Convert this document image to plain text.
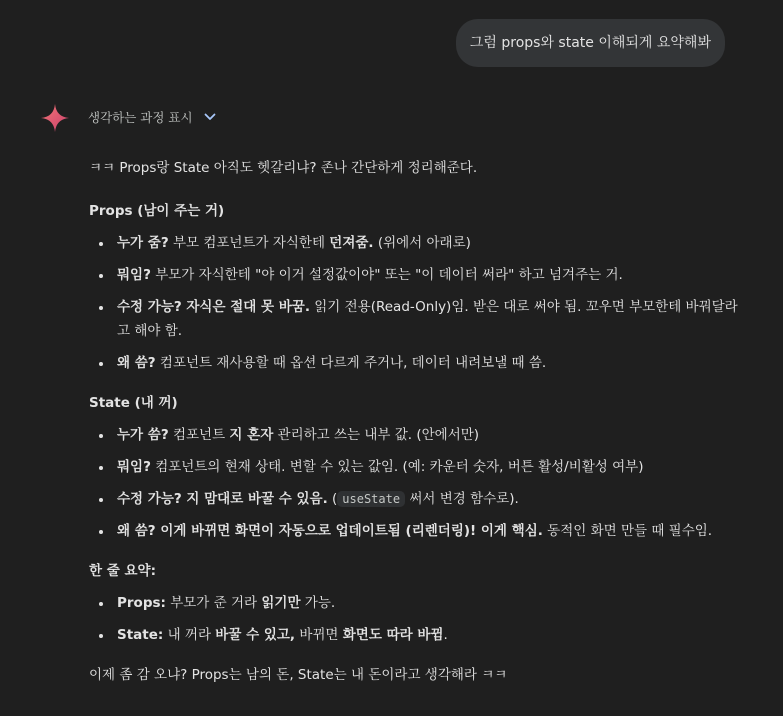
그럼 props와 state 이해되게 요약해봐
생각하는 과정 표시

ㅋㅋ Props랑 State 아직도 헷갈리냐? 존나 간단하게 정리해준다.

Props (남이 주는 거)

• 누가 줌? 부모 컴포넌트가 자식한테 던져줌. (위에서 아래로)
• 뭐임? 부모가 자식한테 "야 이거 설정값이야" 또는 "이 데이터 써라" 하고 넘겨주는 거.
• 수정 가능? 자식은 절대 못 바꿈. 읽기 전용(Read-Only)임. 받은 대로 써야 됨. 꼬우면 부모한테 바꿔달라고 해야 함.
• 왜 씀? 컴포넌트 재사용할 때 옵션 다르게 주거나, 데이터 내려보낼 때 씀.

State (내 꺼)

• 누가 씀? 컴포넌트 지 혼자 관리하고 쓰는 내부 값. (안에서만)
• 뭐임? 컴포넌트의 현재 상태. 변할 수 있는 값임. (예: 카운터 숫자, 버튼 활성/비활성 여부)
• 수정 가능? 지 맘대로 바꿀 수 있음. ( useState 써서 변경 함수로).
• 왜 씀? 이게 바뀌면 화면이 자동으로 업데이트됨 (리렌더링)! 이게 핵심. 동적인 화면 만들 때 필수임.

한 줄 요약:

• Props: 부모가 준 거라 읽기만 가능.
• State: 내 꺼라 바꿀 수 있고, 바뀌면 화면도 따라 바뀜.

이제 좀 감 오냐? Props는 남의 돈, State는 내 돈이라고 생각해라 ㅋㅋ
